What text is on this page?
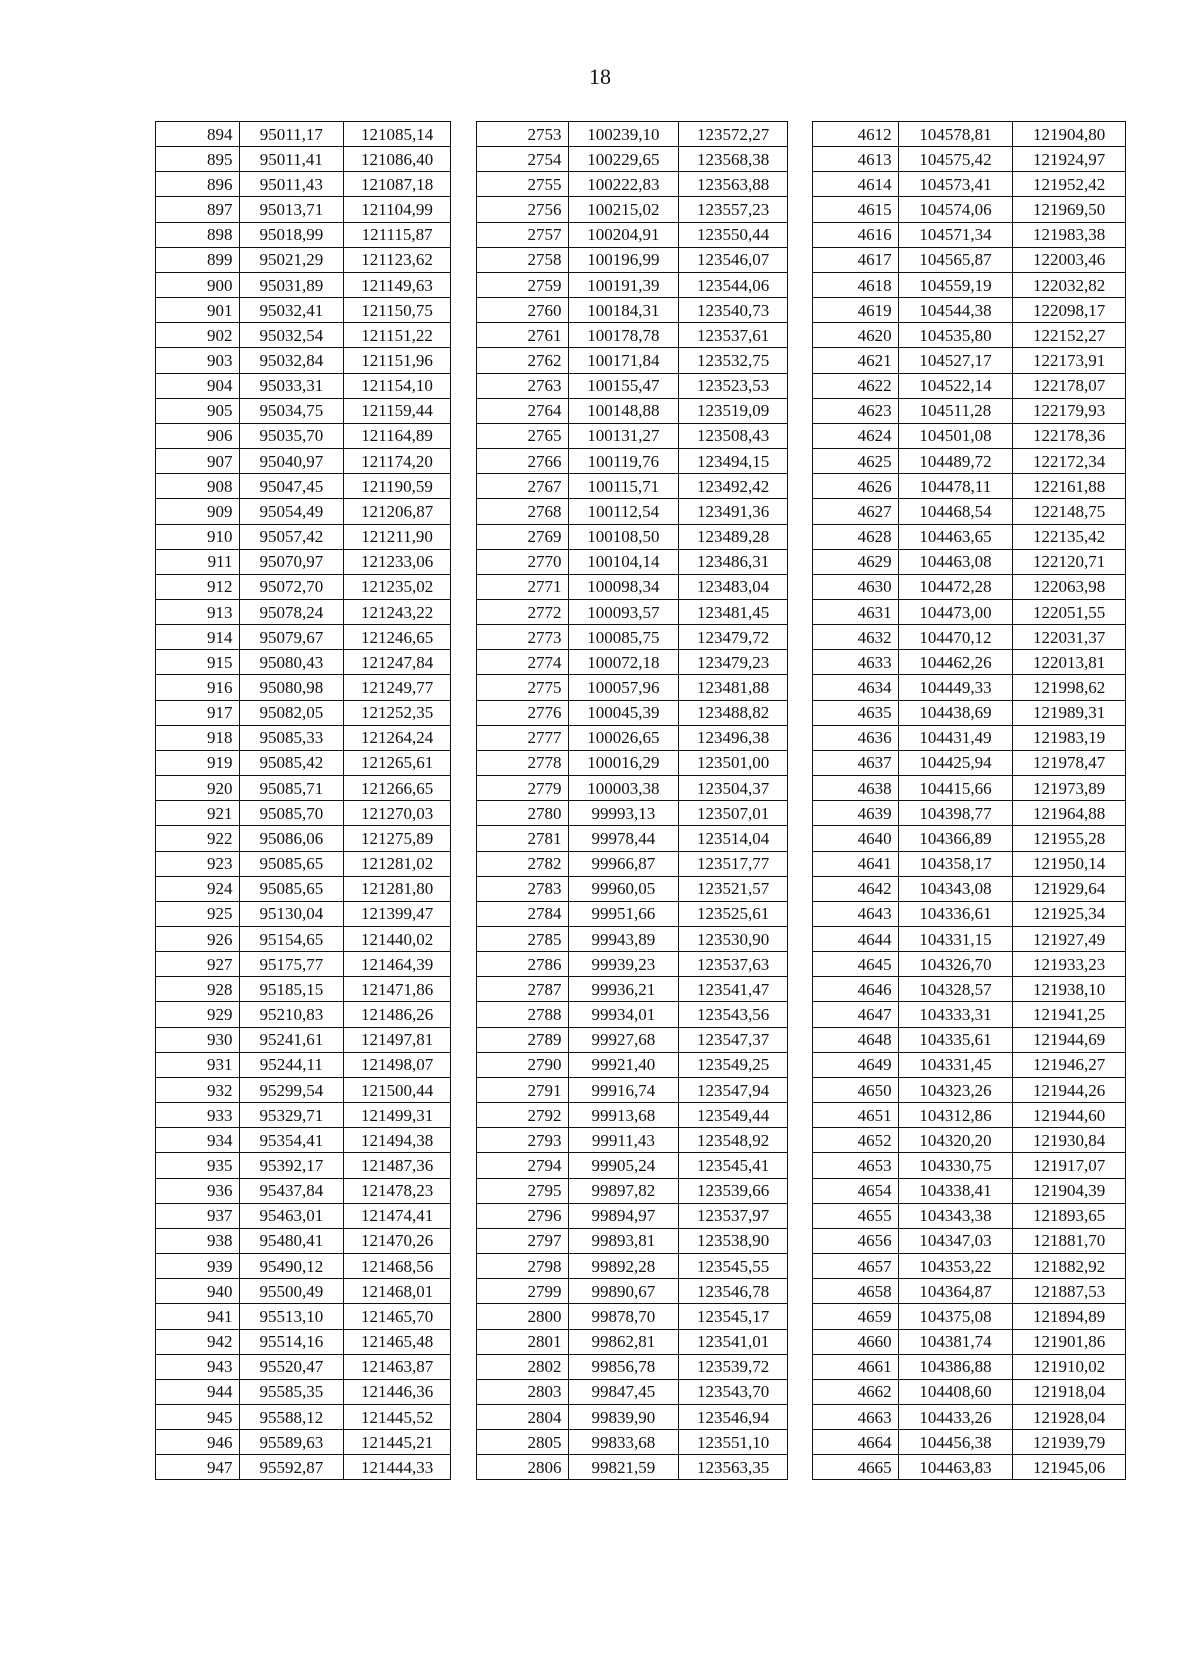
18
894	95011,17	121085,14
895	95011,41	121086,40
896	95011,43	121087,18
897	95013,71	121104,99
898	95018,99	121115,87
899	95021,29	121123,62
900	95031,89	121149,63
901	95032,41	121150,75
902	95032,54	121151,22
903	95032,84	121151,96
904	95033,31	121154,10
905	95034,75	121159,44
906	95035,70	121164,89
907	95040,97	121174,20
908	95047,45	121190,59
909	95054,49	121206,87
910	95057,42	121211,90
911	95070,97	121233,06
912	95072,70	121235,02
913	95078,24	121243,22
914	95079,67	121246,65
915	95080,43	121247,84
916	95080,98	121249,77
917	95082,05	121252,35
918	95085,33	121264,24
919	95085,42	121265,61
920	95085,71	121266,65
921	95085,70	121270,03
922	95086,06	121275,89
923	95085,65	121281,02
924	95085,65	121281,80
925	95130,04	121399,47
926	95154,65	121440,02
927	95175,77	121464,39
928	95185,15	121471,86
929	95210,83	121486,26
930	95241,61	121497,81
931	95244,11	121498,07
932	95299,54	121500,44
933	95329,71	121499,31
934	95354,41	121494,38
935	95392,17	121487,36
936	95437,84	121478,23
937	95463,01	121474,41
938	95480,41	121470,26
939	95490,12	121468,56
940	95500,49	121468,01
941	95513,10	121465,70
942	95514,16	121465,48
943	95520,47	121463,87
944	95585,35	121446,36
945	95588,12	121445,52
946	95589,63	121445,21
947	95592,87	121444,33
2753	100239,10	123572,27
2754	100229,65	123568,38
2755	100222,83	123563,88
2756	100215,02	123557,23
2757	100204,91	123550,44
2758	100196,99	123546,07
2759	100191,39	123544,06
2760	100184,31	123540,73
2761	100178,78	123537,61
2762	100171,84	123532,75
2763	100155,47	123523,53
2764	100148,88	123519,09
2765	100131,27	123508,43
2766	100119,76	123494,15
2767	100115,71	123492,42
2768	100112,54	123491,36
2769	100108,50	123489,28
2770	100104,14	123486,31
2771	100098,34	123483,04
2772	100093,57	123481,45
2773	100085,75	123479,72
2774	100072,18	123479,23
2775	100057,96	123481,88
2776	100045,39	123488,82
2777	100026,65	123496,38
2778	100016,29	123501,00
2779	100003,38	123504,37
2780	99993,13	123507,01
2781	99978,44	123514,04
2782	99966,87	123517,77
2783	99960,05	123521,57
2784	99951,66	123525,61
2785	99943,89	123530,90
2786	99939,23	123537,63
2787	99936,21	123541,47
2788	99934,01	123543,56
2789	99927,68	123547,37
2790	99921,40	123549,25
2791	99916,74	123547,94
2792	99913,68	123549,44
2793	99911,43	123548,92
2794	99905,24	123545,41
2795	99897,82	123539,66
2796	99894,97	123537,97
2797	99893,81	123538,90
2798	99892,28	123545,55
2799	99890,67	123546,78
2800	99878,70	123545,17
2801	99862,81	123541,01
2802	99856,78	123539,72
2803	99847,45	123543,70
2804	99839,90	123546,94
2805	99833,68	123551,10
2806	99821,59	123563,35
4612	104578,81	121904,80
4613	104575,42	121924,97
4614	104573,41	121952,42
4615	104574,06	121969,50
4616	104571,34	121983,38
4617	104565,87	122003,46
4618	104559,19	122032,82
4619	104544,38	122098,17
4620	104535,80	122152,27
4621	104527,17	122173,91
4622	104522,14	122178,07
4623	104511,28	122179,93
4624	104501,08	122178,36
4625	104489,72	122172,34
4626	104478,11	122161,88
4627	104468,54	122148,75
4628	104463,65	122135,42
4629	104463,08	122120,71
4630	104472,28	122063,98
4631	104473,00	122051,55
4632	104470,12	122031,37
4633	104462,26	122013,81
4634	104449,33	121998,62
4635	104438,69	121989,31
4636	104431,49	121983,19
4637	104425,94	121978,47
4638	104415,66	121973,89
4639	104398,77	121964,88
4640	104366,89	121955,28
4641	104358,17	121950,14
4642	104343,08	121929,64
4643	104336,61	121925,34
4644	104331,15	121927,49
4645	104326,70	121933,23
4646	104328,57	121938,10
4647	104333,31	121941,25
4648	104335,61	121944,69
4649	104331,45	121946,27
4650	104323,26	121944,26
4651	104312,86	121944,60
4652	104320,20	121930,84
4653	104330,75	121917,07
4654	104338,41	121904,39
4655	104343,38	121893,65
4656	104347,03	121881,70
4657	104353,22	121882,92
4658	104364,87	121887,53
4659	104375,08	121894,89
4660	104381,74	121901,86
4661	104386,88	121910,02
4662	104408,60	121918,04
4663	104433,26	121928,04
4664	104456,38	121939,79
4665	104463,83	121945,06
